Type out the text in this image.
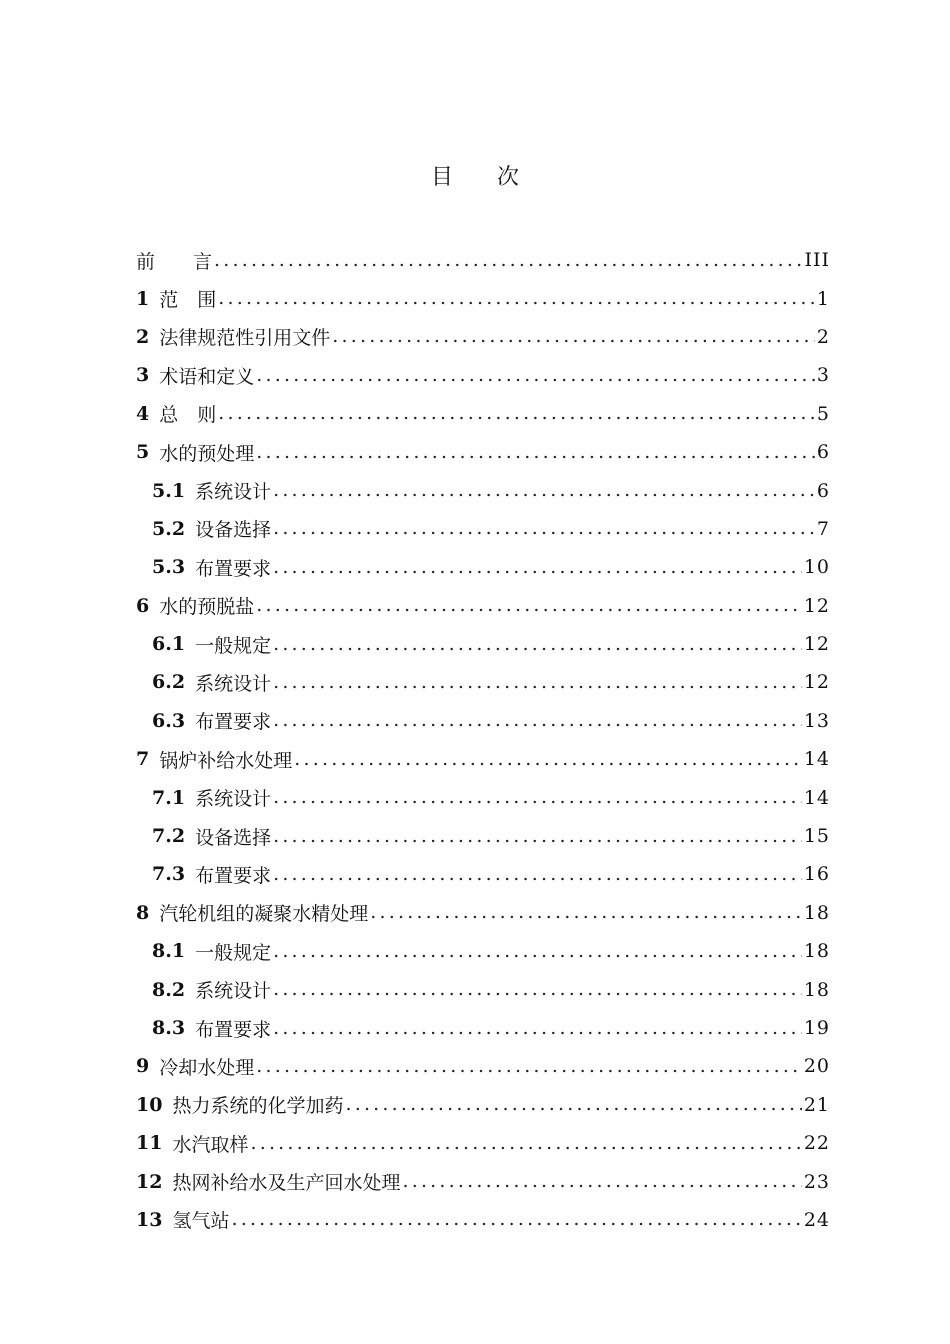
目 次
前　　言 .....	III
1 范　围 .....	1
2 法律规范性引用文件 .....	2
3 术语和定义 .....	3
4 总　则 .....	5
5 水的预处理 .....	6
5.1 系统设计 .....	6
5.2 设备选择 .....	7
5.3 布置要求 .....	10
6 水的预脱盐 .....	12
6.1 一般规定 .....	12
6.2 系统设计 .....	12
6.3 布置要求 .....	13
7 锅炉补给水处理 .....	14
7.1 系统设计 .....	14
7.2 设备选择 .....	15
7.3 布置要求 .....	16
8 汽轮机组的凝聚水精处理 .....	18
8.1 一般规定 .....	18
8.2 系统设计 .....	18
8.3 布置要求 .....	19
9 冷却水处理 .....	20
10 热力系统的化学加药 .....	21
11 水汽取样 .....	22
12 热网补给水及生产回水处理 .....	23
13 氢气站 .....	24
